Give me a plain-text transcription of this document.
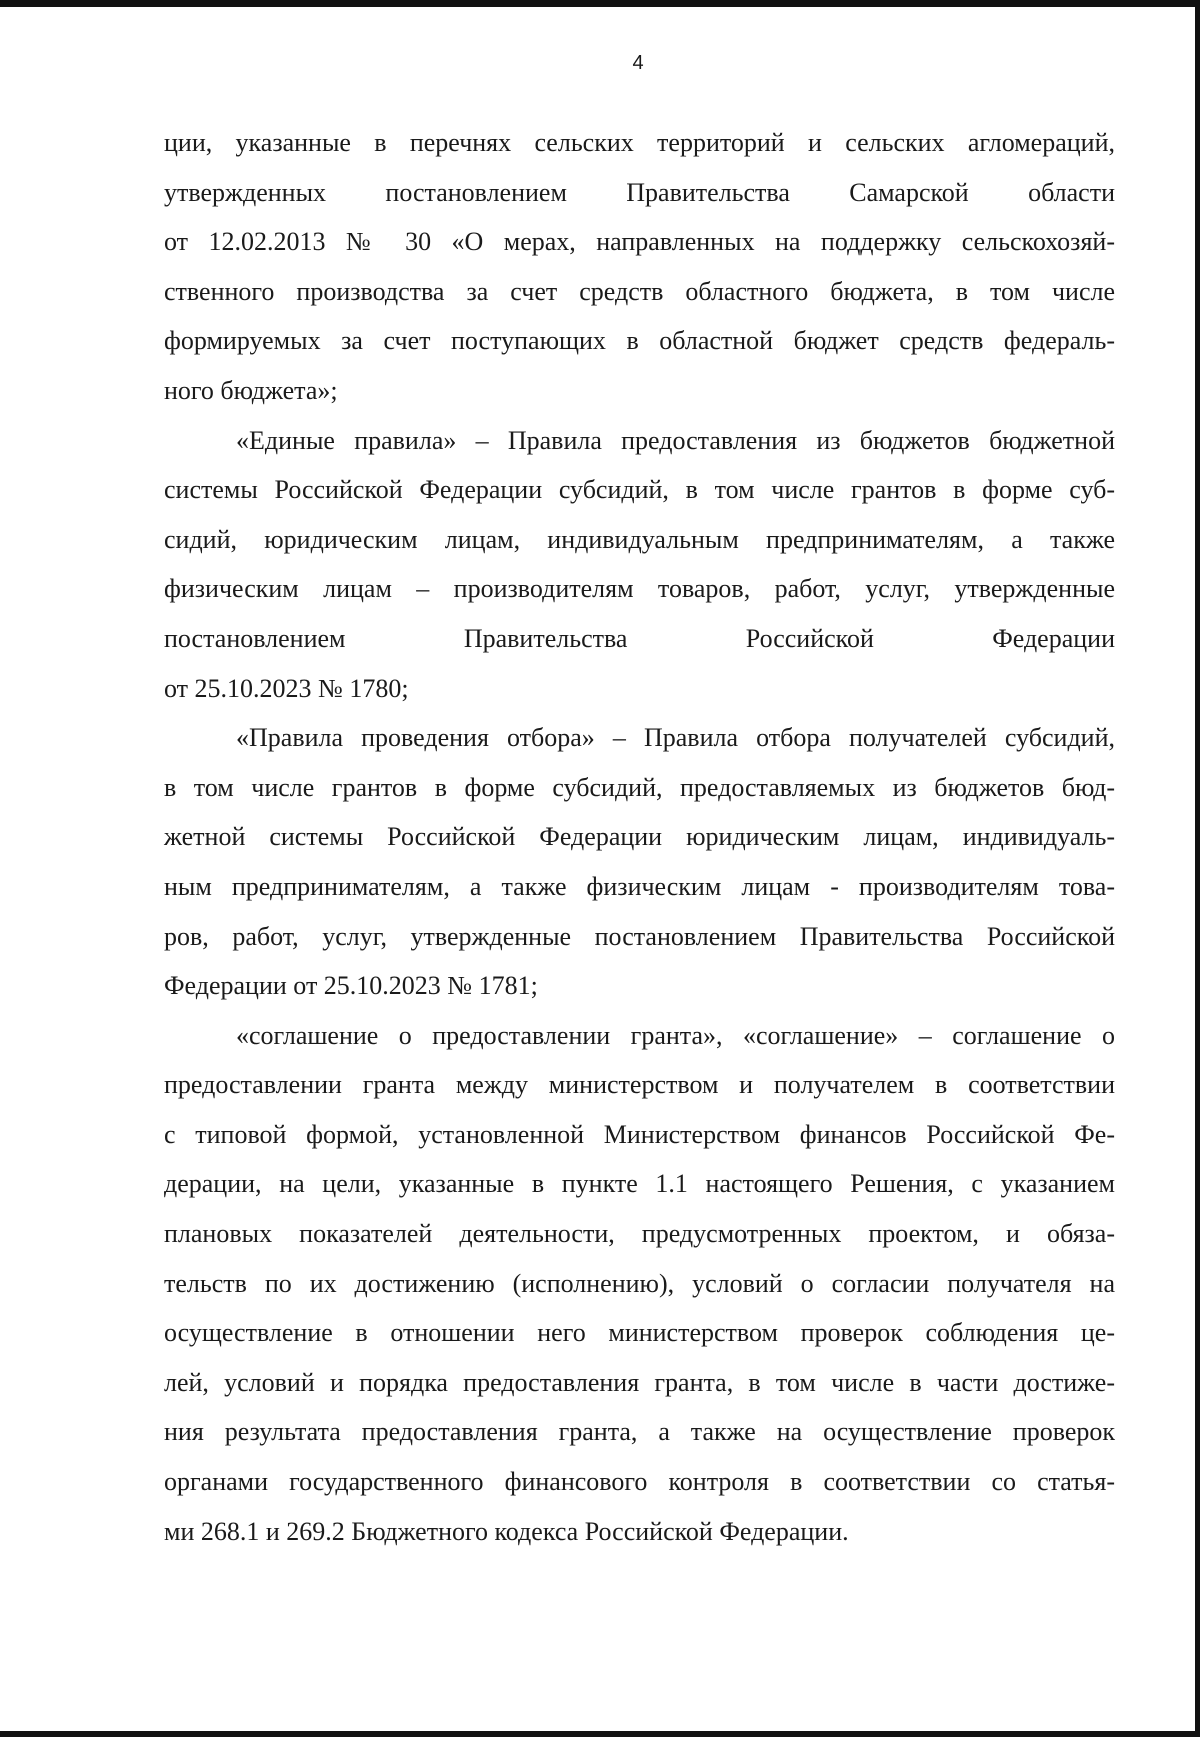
4
ции, указанные в перечнях сельских территорий и сельских агломераций,
утвержденных постановлением Правительства Самарской области
от 12.02.2013 № 30 «О мерах, направленных на поддержку сельскохозяй-
ственного производства за счет средств областного бюджета, в том числе
формируемых за счет поступающих в областной бюджет средств федераль-
ного бюджета»;
«Единые правила» – Правила предоставления из бюджетов бюджетной
системы Российской Федерации субсидий, в том числе грантов в форме суб-
сидий, юридическим лицам, индивидуальным предпринимателям, а также
физическим лицам – производителям товаров, работ, услуг, утвержденные
постановлением Правительства Российской Федерации
от 25.10.2023 № 1780;
«Правила проведения отбора» – Правила отбора получателей субсидий,
в том числе грантов в форме субсидий, предоставляемых из бюджетов бюд-
жетной системы Российской Федерации юридическим лицам, индивидуаль-
ным предпринимателям, а также физическим лицам - производителям това-
ров, работ, услуг, утвержденные постановлением Правительства Российской
Федерации от 25.10.2023 № 1781;
«соглашение о предоставлении гранта», «соглашение» – соглашение о
предоставлении гранта между министерством и получателем в соответствии
с типовой формой, установленной Министерством финансов Российской Фе-
дерации, на цели, указанные в пункте 1.1 настоящего Решения, с указанием
плановых показателей деятельности, предусмотренных проектом, и обяза-
тельств по их достижению (исполнению), условий о согласии получателя на
осуществление в отношении него министерством проверок соблюдения це-
лей, условий и порядка предоставления гранта, в том числе в части достиже-
ния результата предоставления гранта, а также на осуществление проверок
органами государственного финансового контроля в соответствии со статья-
ми 268.1 и 269.2 Бюджетного кодекса Российской Федерации.
